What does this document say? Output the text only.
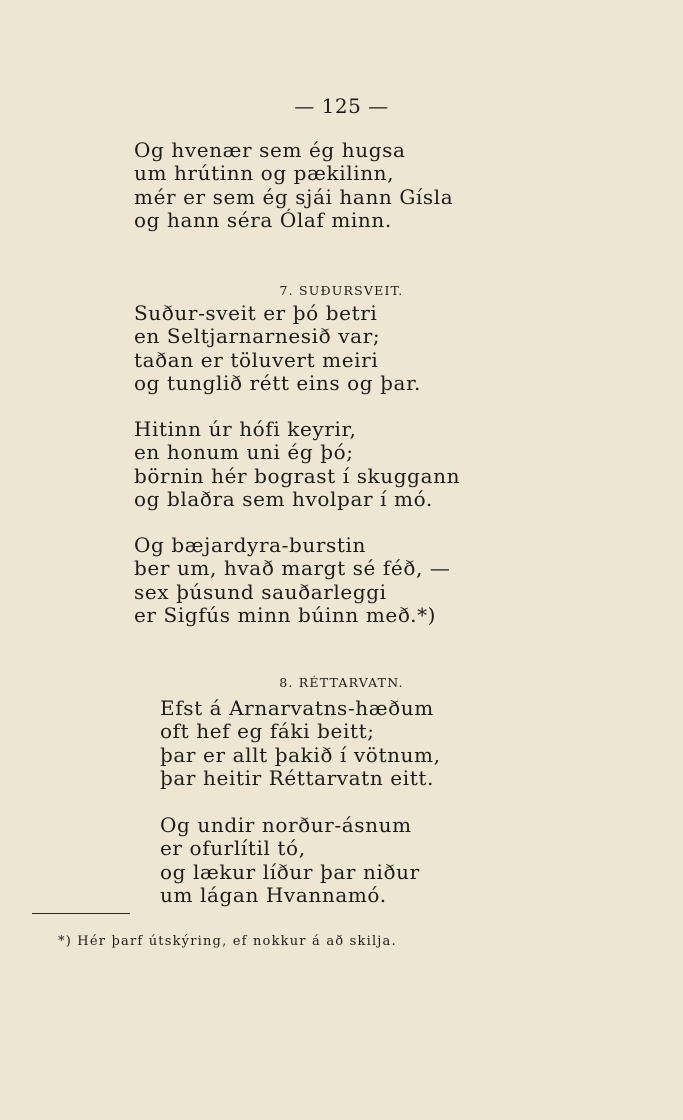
— 125 —
Og hvenær sem ég hugsa
um hrútinn og pækilinn,
mér er sem ég sjái hann Gísla
og hann séra Ólaf minn.
7. SUÐURSVEIT.
Suður-sveit er þó betri
en Seltjarnarnesið var;
taðan er töluvert meiri
og tunglið rétt eins og þar.
Hitinn úr hófi keyrir,
en honum uni ég þó;
börnin hér bograst í skuggann
og blaðra sem hvolpar í mó.
Og bæjardyra-burstin
ber um, hvað margt sé féð, —
sex þúsund sauðarleggi
er Sigfús minn búinn með.*)
8. RÉTTARVATN.
Efst á Arnarvatns-hæðum
oft hef eg fáki beitt;
þar er allt þakið í vötnum,
þar heitir Réttarvatn eitt.
Og undir norður-ásnum
er ofurlítil tó,
og lækur líður þar niður
um lágan Hvannamó.
*) Hér þarf útskýring, ef nokkur á að skilja.
